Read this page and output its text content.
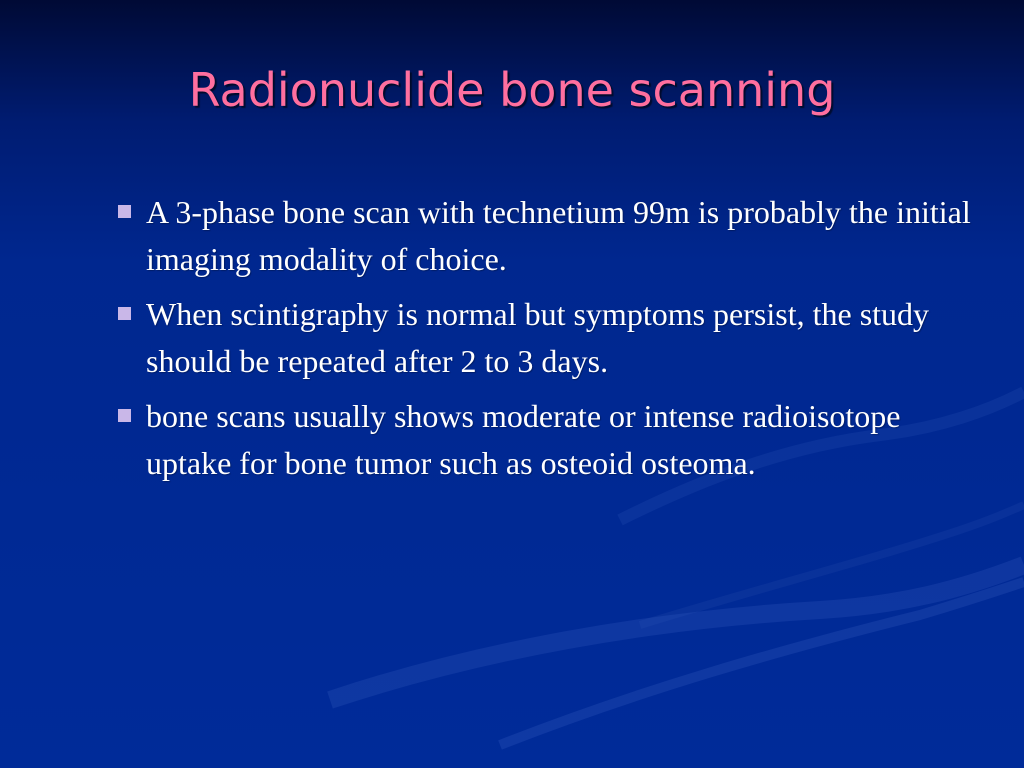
Radionuclide bone scanning
A 3-phase bone scan with technetium 99m is probably the initial imaging modality of choice.
When scintigraphy is normal but symptoms persist, the study should be repeated after 2 to 3 days.
bone scans usually shows moderate or intense radioisotope uptake for bone tumor such as osteoid osteoma.
